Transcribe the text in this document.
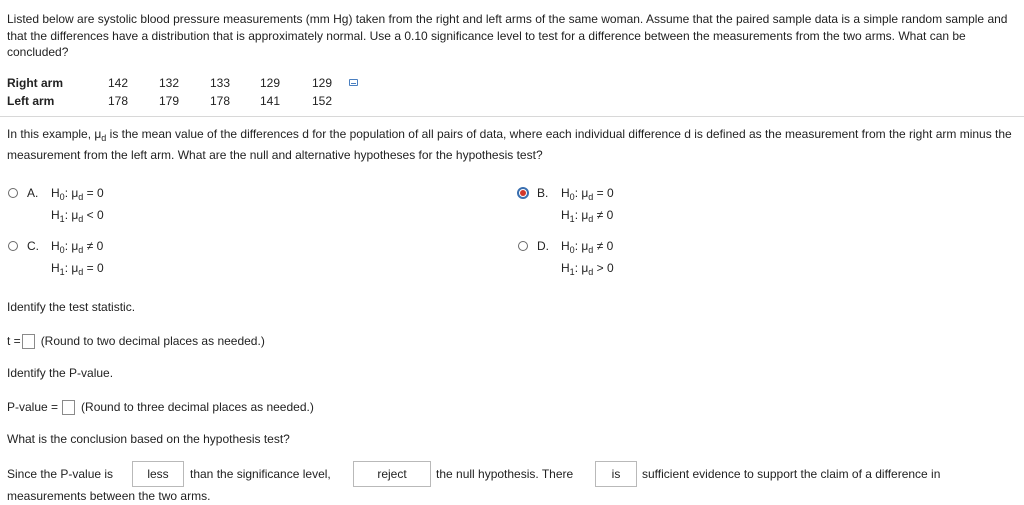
Listed below are systolic blood pressure measurements (mm Hg) taken from the right and left arms of the same woman. Assume that the paired sample data is a simple random sample and that the differences have a distribution that is approximately normal. Use a 0.10 significance level to test for a difference between the measurements from the two arms. What can be concluded?
Right arm	142	132	133 129	129
Left arm	178	179	178 141	152
In this example, $\mu_d$ is the mean value of the differences d for the population of all pairs of data, where each individual difference d is defined as the measurement from the right arm minus the measurement from the left arm. What are the null and alternative hypotheses for the hypothesis test?
A. $H_0$: $\mu_d = 0$
$H_1$: $\mu_d < 0$
B. $H_0$: $\mu_d = 0$
$H_1$: $\mu_d \ne 0$
C. $H_0$: $\mu_d \ne 0$
$H_1$: $\mu_d = 0$
D. $H_0$: $\mu_d \ne 0$
$H_1$: $\mu_d > 0$
Identify the test statistic.
t = (Round to two decimal places as needed.)
Identify the P-value.
P-value = (Round to three decimal places as needed.)
What is the conclusion based on the hypothesis test?
Since the P-value is	less	than the significance level,	reject	the null hypothesis. There	is	sufficient evidence to support the claim of a difference in
measurements between the two arms.
